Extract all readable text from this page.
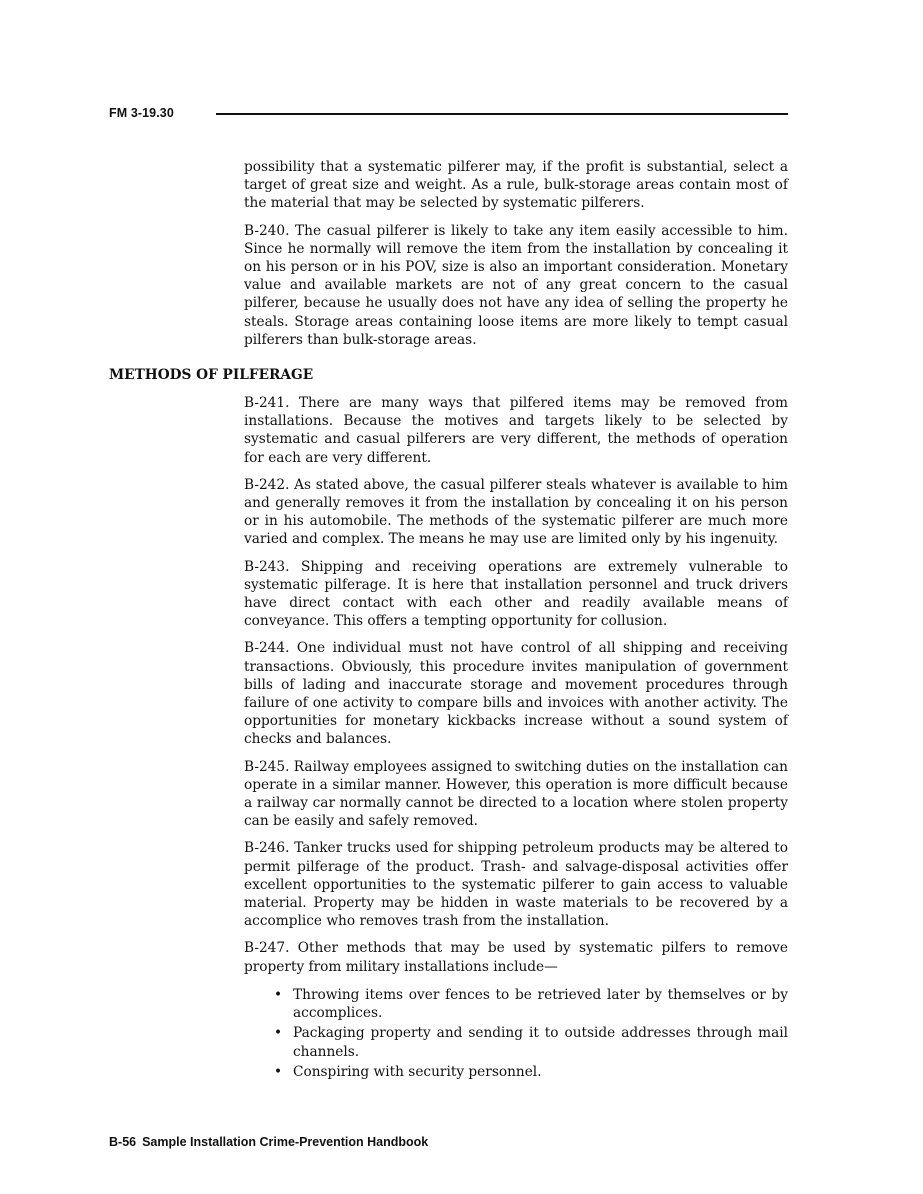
FM 3-19.30

possibility that a systematic pilferer may, if the profit is substantial, select a target of great size and weight. As a rule, bulk-storage areas contain most of the material that may be selected by systematic pilferers.

B-240. The casual pilferer is likely to take any item easily accessible to him. Since he normally will remove the item from the installation by concealing it on his person or in his POV, size is also an important consideration. Monetary value and available markets are not of any great concern to the casual pilferer, because he usually does not have any idea of selling the property he steals. Storage areas containing loose items are more likely to tempt casual pilferers than bulk-storage areas.

METHODS OF PILFERAGE

B-241. There are many ways that pilfered items may be removed from installations. Because the motives and targets likely to be selected by systematic and casual pilferers are very different, the methods of operation for each are very different.

B-242. As stated above, the casual pilferer steals whatever is available to him and generally removes it from the installation by concealing it on his person or in his automobile. The methods of the systematic pilferer are much more varied and complex. The means he may use are limited only by his ingenuity.

B-243. Shipping and receiving operations are extremely vulnerable to systematic pilferage. It is here that installation personnel and truck drivers have direct contact with each other and readily available means of conveyance. This offers a tempting opportunity for collusion.

B-244. One individual must not have control of all shipping and receiving transactions. Obviously, this procedure invites manipulation of government bills of lading and inaccurate storage and movement procedures through failure of one activity to compare bills and invoices with another activity. The opportunities for monetary kickbacks increase without a sound system of checks and balances.

B-245. Railway employees assigned to switching duties on the installation can operate in a similar manner. However, this operation is more difficult because a railway car normally cannot be directed to a location where stolen property can be easily and safely removed.

B-246. Tanker trucks used for shipping petroleum products may be altered to permit pilferage of the product. Trash- and salvage-disposal activities offer excellent opportunities to the systematic pilferer to gain access to valuable material. Property may be hidden in waste materials to be recovered by a accomplice who removes trash from the installation.

B-247. Other methods that may be used by systematic pilfers to remove property from military installations include—

• Throwing items over fences to be retrieved later by themselves or by accomplices.
• Packaging property and sending it to outside addresses through mail channels.
• Conspiring with security personnel.
B-56 Sample Installation Crime-Prevention Handbook
